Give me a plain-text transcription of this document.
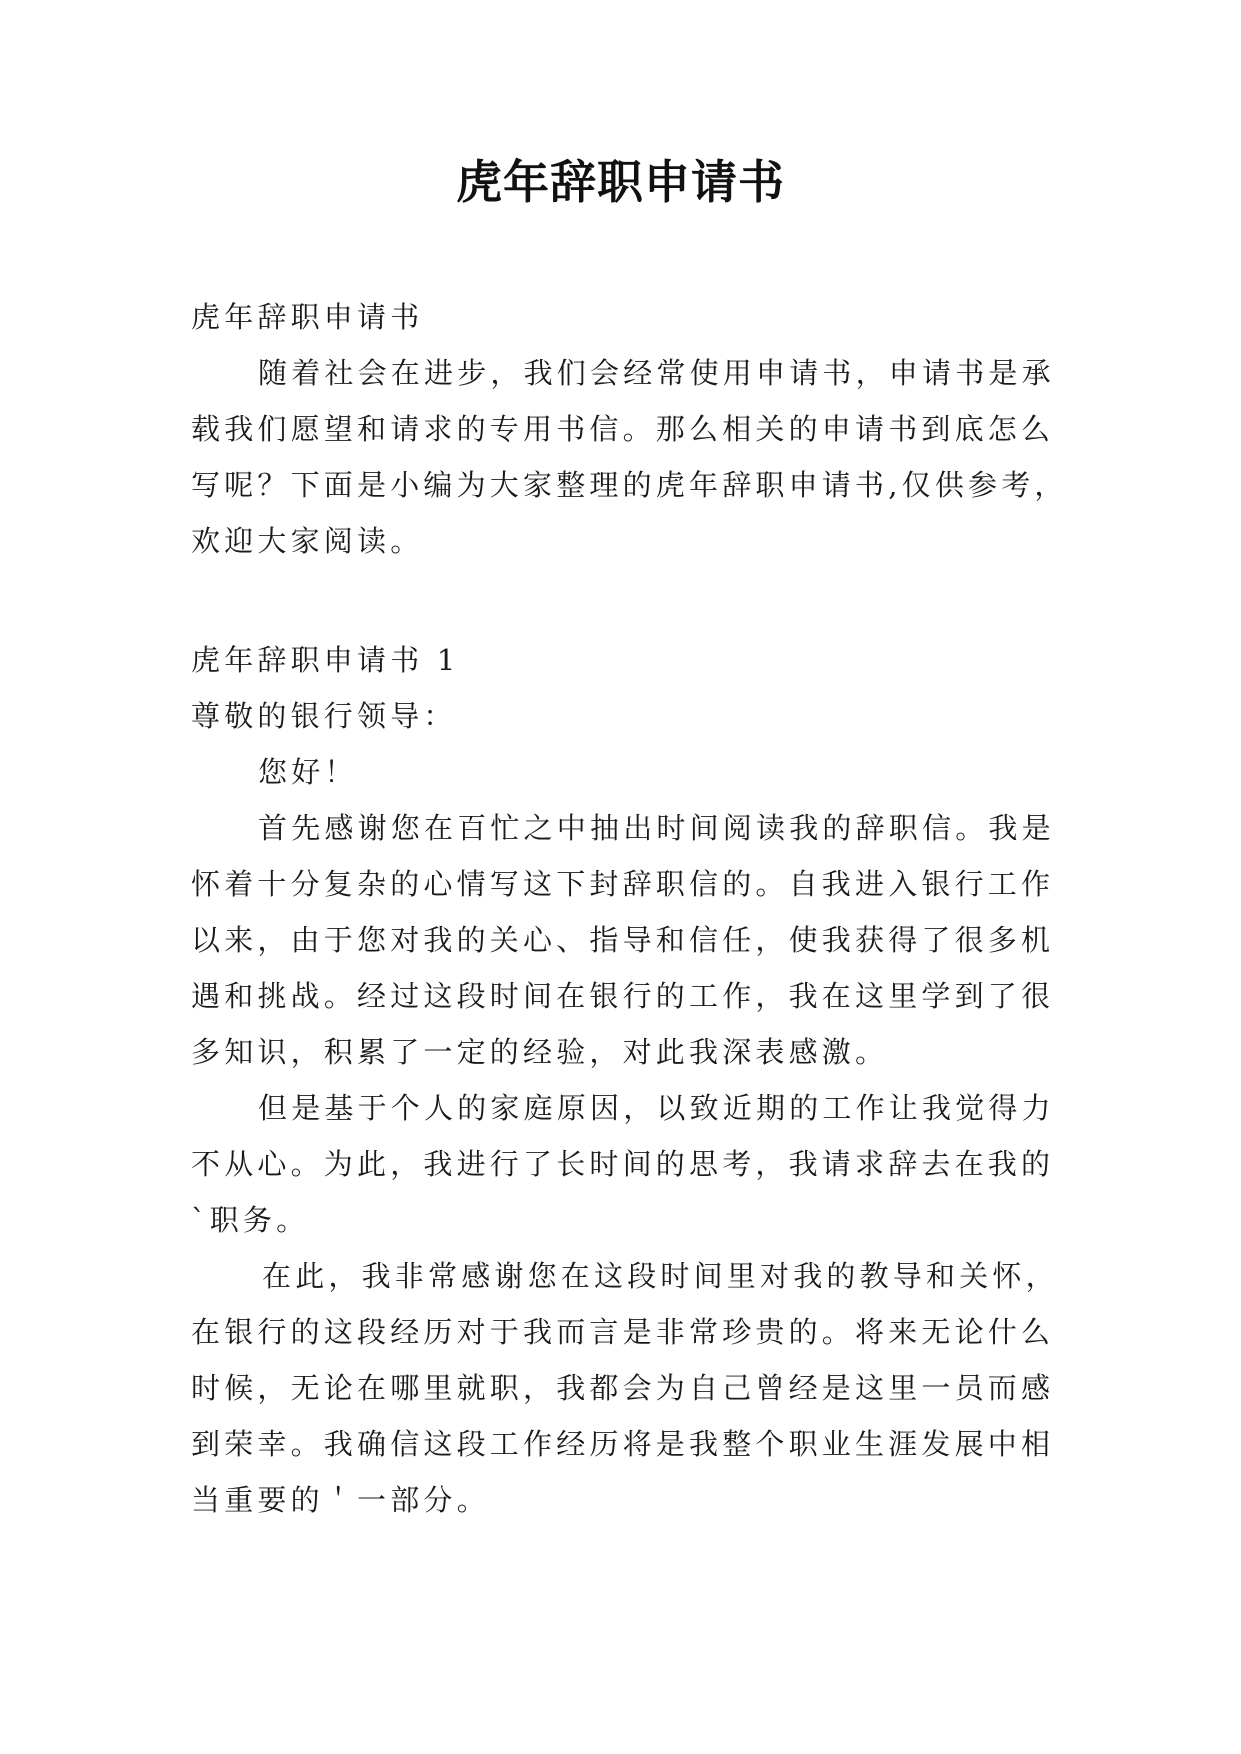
虎年辞职申请书
虎年辞职申请书
随着社会在进步，我们会经常使用申请书，申请书是承
载我们愿望和请求的专用书信。那么相关的申请书到底怎么
写呢？下面是小编为大家整理的虎年辞职申请书,仅供参考，
欢迎大家阅读。
虎年辞职申请书 1
尊敬的银行领导：
您好！
首先感谢您在百忙之中抽出时间阅读我的辞职信。我是
怀着十分复杂的心情写这下封辞职信的。自我进入银行工作
以来，由于您对我的关心、指导和信任，使我获得了很多机
遇和挑战。经过这段时间在银行的工作，我在这里学到了很
多知识，积累了一定的经验，对此我深表感激。
但是基于个人的家庭原因，以致近期的工作让我觉得力
不从心。为此，我进行了长时间的思考，我请求辞去在我的
`职务。
在此，我非常感谢您在这段时间里对我的教导和关怀，
在银行的这段经历对于我而言是非常珍贵的。将来无论什么
时候，无论在哪里就职，我都会为自己曾经是这里一员而感
到荣幸。我确信这段工作经历将是我整个职业生涯发展中相
当重要的＇一部分。
